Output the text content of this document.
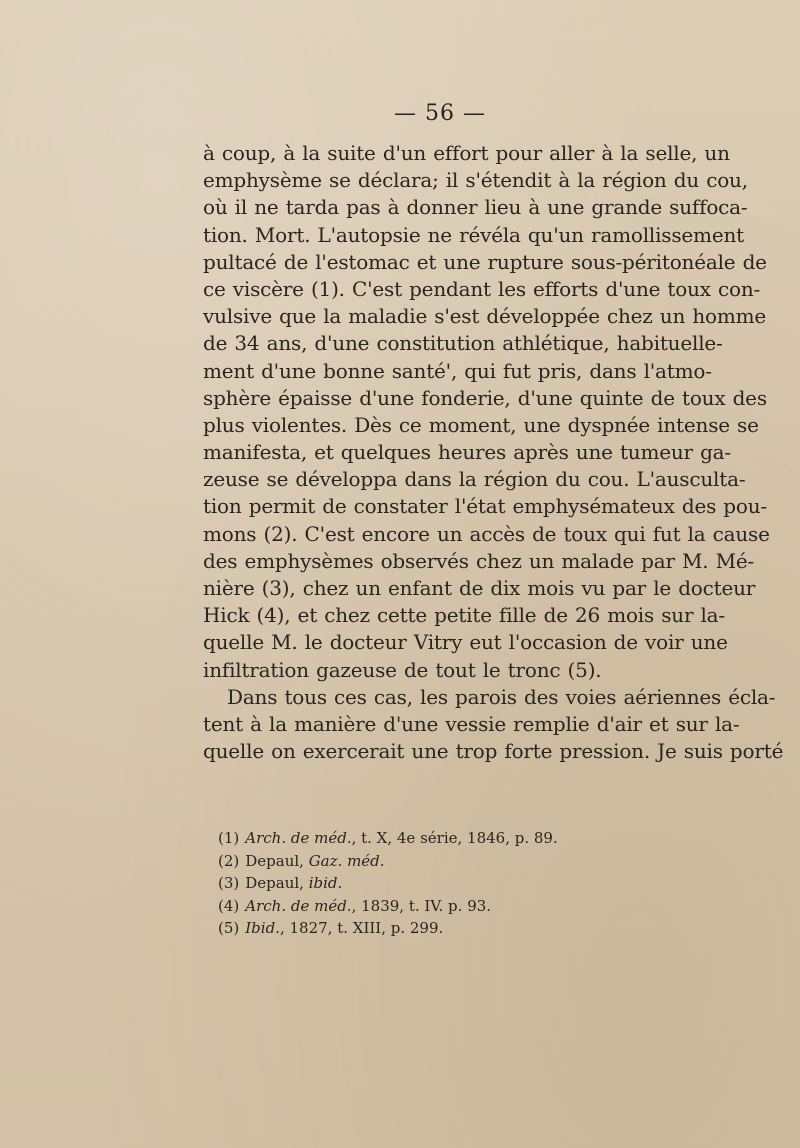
— 56 —
à coup, à la suite d'un effort pour aller à la selle, un
emphysème se déclara; il s'étendit à la région du cou,
où il ne tarda pas à donner lieu à une grande suffoca-
tion. Mort. L'autopsie ne révéla qu'un ramollissement
pultacé de l'estomac et une rupture sous-péritonéale de
ce viscère (1). C'est pendant les efforts d'une toux con-
vulsive que la maladie s'est développée chez un homme
de 34 ans, d'une constitution athlétique, habituelle-
ment d'une bonne santé', qui fut pris, dans l'atmo-
sphère épaisse d'une fonderie, d'une quinte de toux des
plus violentes. Dès ce moment, une dyspnée intense se
manifesta, et quelques heures après une tumeur ga-
zeuse se développa dans la région du cou. L'ausculta-
tion permit de constater l'état emphysémateux des pou-
mons (2). C'est encore un accès de toux qui fut la cause
des emphysèmes observés chez un malade par M. Mé-
nière (3), chez un enfant de dix mois vu par le docteur
Hick (4), et chez cette petite fille de 26 mois sur la-
quelle M. le docteur Vitry eut l'occasion de voir une
infiltration gazeuse de tout le tronc (5).
Dans tous ces cas, les parois des voies aériennes écla-
tent à la manière d'une vessie remplie d'air et sur la-
quelle on exercerait une trop forte pression. Je suis porté
(1) Arch. de méd., t. X, 4e série, 1846, p. 89.
(2) Depaul, Gaz. méd.
(3) Depaul, ibid.
(4) Arch. de méd., 1839, t. IV. p. 93.
(5) Ibid., 1827, t. XIII, p. 299.
